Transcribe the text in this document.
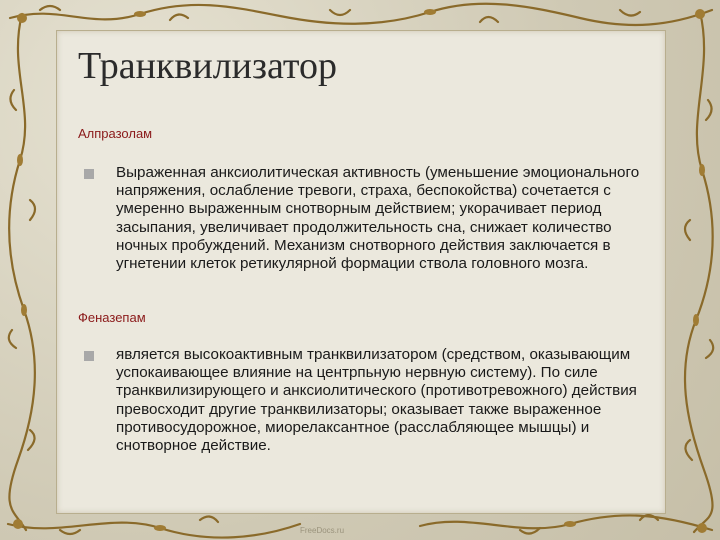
Транквилизатор
Алпразолам
Выраженная анксиолитическая активность (уменьшение эмоционального напряжения, ослабление тревоги, страха, беспокойства) сочетается с умеренно выраженным снотворным действием; укорачивает период засыпания, увеличивает продолжительность сна, снижает количество ночных пробуждений. Механизм снотворного действия заключается в угнетении клеток ретикулярной формации ствола головного мозга.
Феназепам
является высокоактивным транквилизатором (средством, оказывающим успокаивающее влияние на центрпьную нервную систему). По силе транквилизирующего и анксиолитического (противотревожного) действия превосходит другие транквилизаторы; оказывает также выраженное противосудорожное, миорелаксантное (расслабляющее мышцы) и снотворное действие.
FreeDocs.ru
